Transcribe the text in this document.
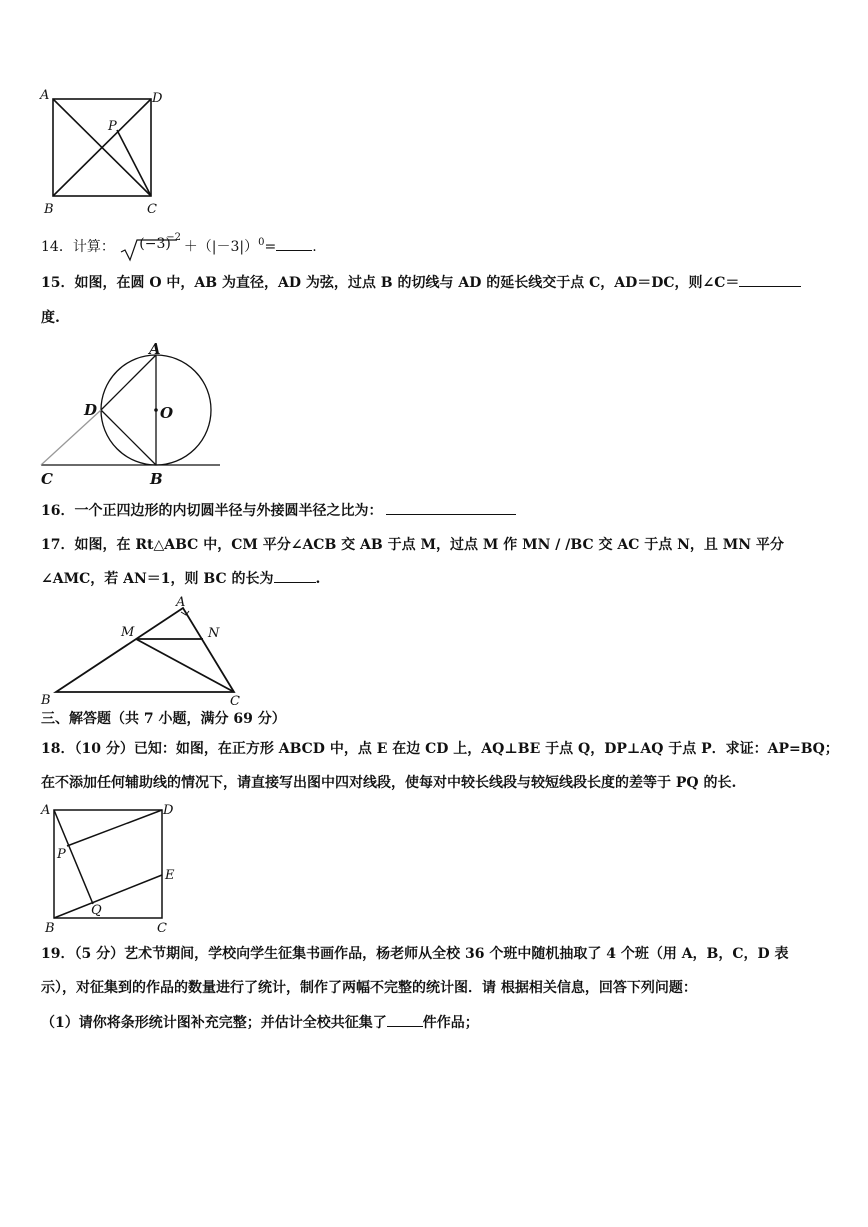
A	D
B	C
P
14．计算： (−3)
−2
$+(|-3|)^0=$	.
15．如图，在圆 O 中，AB 为直径，AD 为弦，过点 B 的切线与 AD 的延长线交于点 C，AD＝DC，则∠C＝
度.
A
D	O
C	B
16．一个正四边形的内切圆半径与外接圆半径之比为：
17．如图，在 Rt△ABC 中，CM 平分∠ACB 交 AB 于点 M，过点 M 作 MN / /BC 交 AC 于点 N，且 MN 平分
∠AMC，若 AN＝1，则 BC 的长为	.
A
M	N
B	C
三、解答题（共 7 小题，满分 69 分）
18．（10 分）已知：如图，在正方形 ABCD 中，点 E 在边 CD 上，AQ⊥BE 于点 Q，DP⊥AQ 于点 P．求证：AP=BQ；
在不添加任何辅助线的情况下，请直接写出图中四对线段，使每对中较长线段与较短线段长度的差等于 PQ 的长.
A	D
P
E
Q
B	C
19．（5 分）艺术节期间，学校向学生征集书画作品，杨老师从全校 36 个班中随机抽取了 4 个班（用 A，B，C，D 表
示），对征集到的作品的数量进行了统计，制作了两幅不完整的统计图．请 根据相关信息，回答下列问题：
（1）请你将条形统计图补充完整；并估计全校共征集了	件作品；
